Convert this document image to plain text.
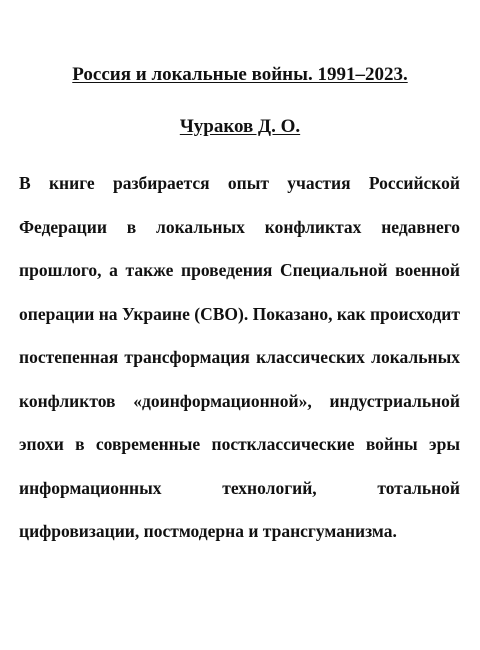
Россия и локальные войны. 1991–2023.
Чураков Д. О.

В книге разбирается опыт участия Российской Федерации в локальных конфликтах недавнего прошлого, а также проведения Специальной военной операции на Украине (СВО). Показано, как происходит постепенная трансформация классических локальных конфликтов «доинформационной», индустриальной эпохи в современные постклассические войны эры информационных технологий, тотальной цифровизации, постмодерна и трансгуманизма.
